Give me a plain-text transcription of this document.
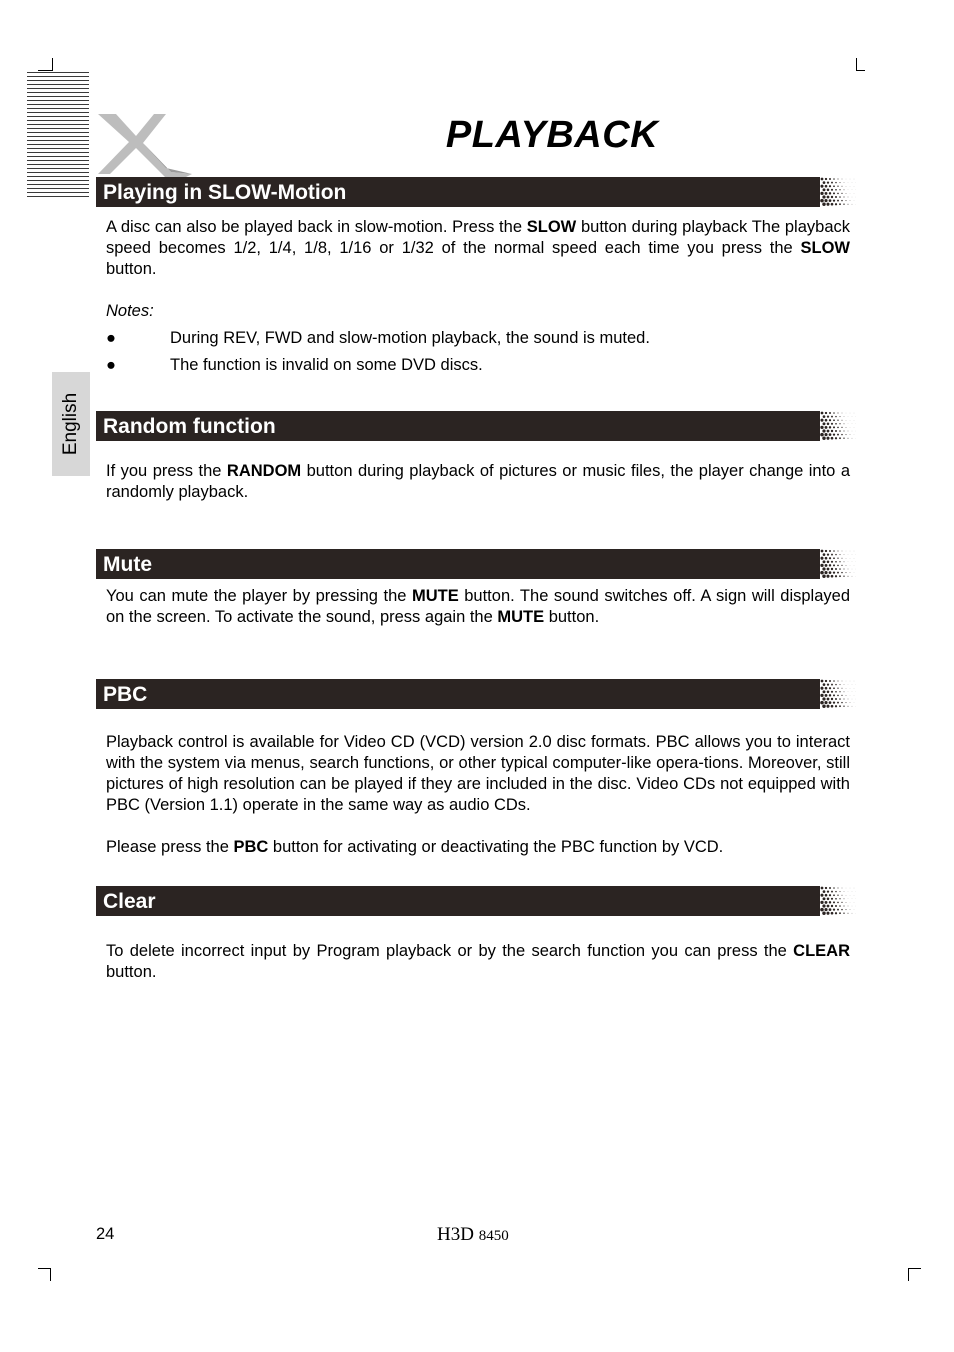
PLAYBACK
English
Playing in SLOW-Motion
A disc can also be played back in slow-motion. Press the SLOW button during playback The playback speed becomes 1/2, 1/4, 1/8, 1/16 or 1/32 of the normal speed each time you press the SLOW button.
Notes:
●	During REV, FWD and slow-motion playback, the sound is muted.
●	The function is invalid on some DVD discs.
Random function
If you press the RANDOM button during playback of pictures or music files, the player change into a randomly playback.
Mute
You can mute the player by pressing the MUTE button. The sound switches off. A sign will displayed on the screen. To activate the sound, press again the MUTE button.
PBC
Playback control is available for Video CD (VCD) version 2.0 disc formats. PBC allows you to interact with the system via menus, search functions, or other typical computer-like opera-tions. Moreover, still pictures of high resolution can be played if they are included in the disc. Video CDs not equipped with PBC (Version 1.1) operate in the same way as audio CDs.
Please press the PBC button for activating or deactivating the PBC function by VCD.
Clear
To delete incorrect input by Program playback or by the search function you can press the CLEAR button.
24	H3D 8450
